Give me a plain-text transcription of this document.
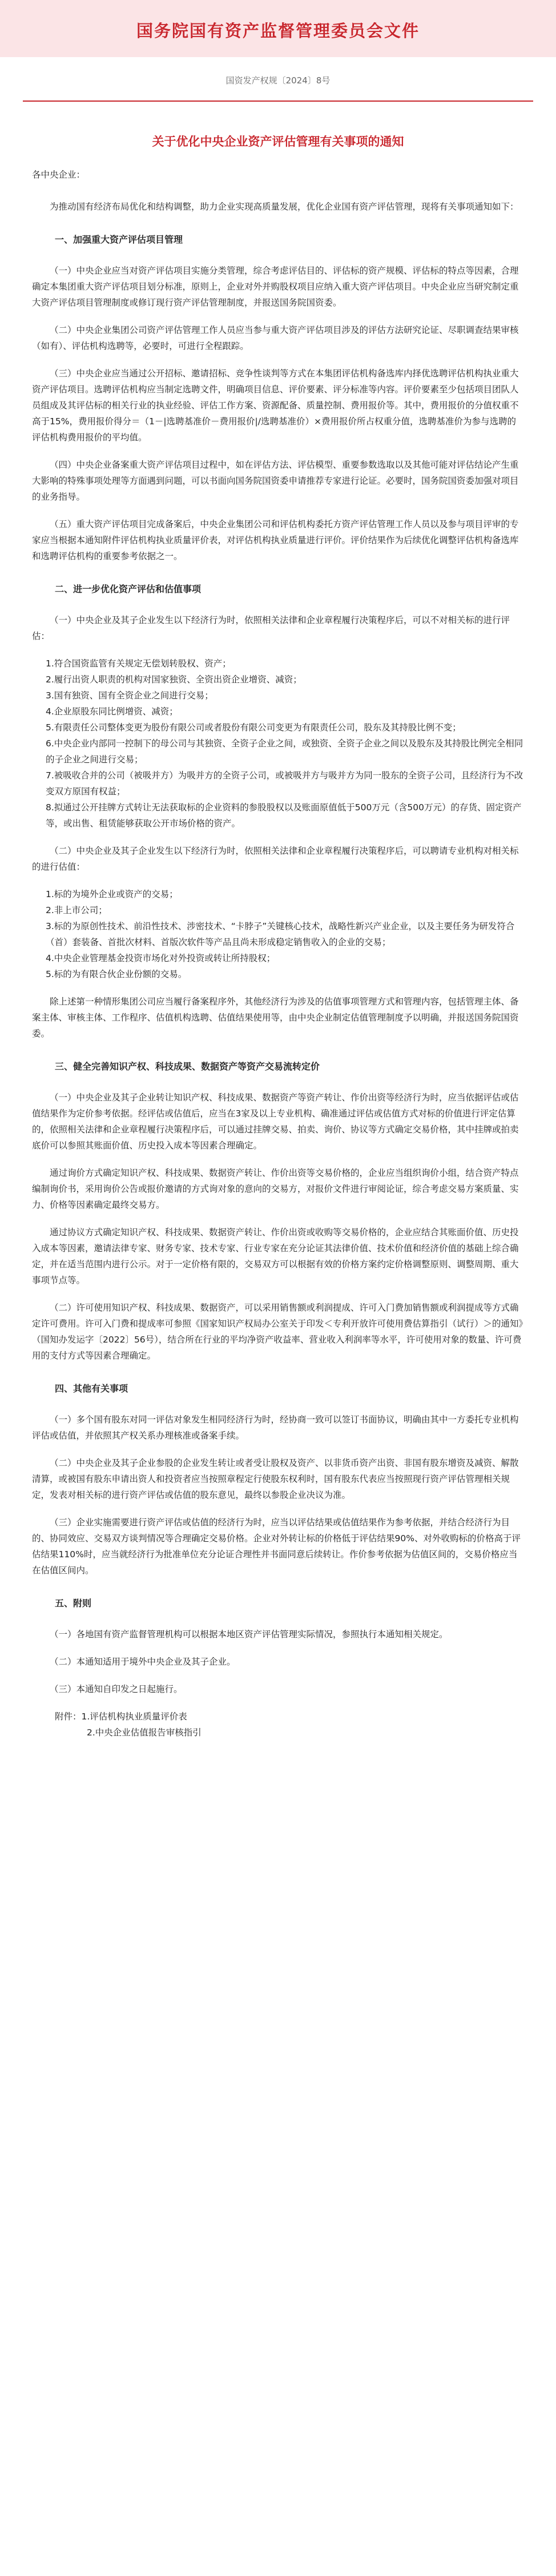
国务院国有资产监督管理委员会文件
国资发产权规〔2024〕8号
关于优化中央企业资产评估管理有关事项的通知

各中央企业：

为推动国有经济布局优化和结构调整，助力企业实现高质量发展，优化企业国有资产评估管理，现将有关事项通知如下：

一、加强重大资产评估项目管理

（一）中央企业应当对资产评估项目实施分类管理，综合考虑评估目的、评估标的资产规模、评估标的特点等因素，合理确定本集团重大资产评估项目划分标准，原则上，企业对外并购股权项目应纳入重大资产评估项目。中央企业应当研究制定重大资产评估项目管理制度或修订现行资产评估管理制度，并报送国务院国资委。

（二）中央企业集团公司资产评估管理工作人员应当参与重大资产评估项目涉及的评估方法研究论证、尽职调查结果审核（如有）、评估机构选聘等，必要时，可进行全程跟踪。

（三）中央企业应当通过公开招标、邀请招标、竞争性谈判等方式在本集团评估机构备选库内择优选聘评估机构执业重大资产评估项目。选聘评估机构应当制定选聘文件，明确项目信息、评价要素、评分标准等内容。评价要素至少包括项目团队人员组成及其评估标的相关行业的执业经验、评估工作方案、资源配备、质量控制、费用报价等。其中，费用报价的分值权重不高于15%，费用报价得分＝（1－|选聘基准价－费用报价|/选聘基准价）×费用报价所占权重分值，选聘基准价为参与选聘的评估机构费用报价的平均值。

（四）中央企业备案重大资产评估项目过程中，如在评估方法、评估模型、重要参数选取以及其他可能对评估结论产生重大影响的特殊事项处理等方面遇到问题，可以书面向国务院国资委申请推荐专家进行论证。必要时，国务院国资委加强对项目的业务指导。

（五）重大资产评估项目完成备案后，中央企业集团公司和评估机构委托方资产评估管理工作人员以及参与项目评审的专家应当根据本通知附件评估机构执业质量评价表，对评估机构执业质量进行评价。评价结果作为后续优化调整评估机构备选库和选聘评估机构的重要参考依据之一。

二、进一步优化资产评估和估值事项

（一）中央企业及其子企业发生以下经济行为时，依照相关法律和企业章程履行决策程序后，可以不对相关标的进行评估：

1.符合国资监管有关规定无偿划转股权、资产；
2.履行出资人职责的机构对国家独资、全资出资企业增资、减资；
3.国有独资、国有全资企业之间进行交易；
4.企业原股东同比例增资、减资；
5.有限责任公司整体变更为股份有限公司或者股份有限公司变更为有限责任公司，股东及其持股比例不变；
6.中央企业内部同一控制下的母公司与其独资、全资子企业之间，或独资、全资子企业之间以及股东及其持股比例完全相同的子企业之间进行交易；
7.被吸收合并的公司（被吸并方）为吸并方的全资子公司，或被吸并方与吸并方为同一股东的全资子公司，且经济行为不改变双方原国有权益；
8.拟通过公开挂牌方式转让无法获取标的企业资料的参股股权以及账面原值低于500万元（含500万元）的存货、固定资产等，或出售、租赁能够获取公开市场价格的资产。

（二）中央企业及其子企业发生以下经济行为时，依照相关法律和企业章程履行决策程序后，可以聘请专业机构对相关标的进行估值：

1.标的为境外企业或资产的交易；
2.非上市公司；
3.标的为原创性技术、前沿性技术、涉密技术、“卡脖子”关键核心技术，战略性新兴产业企业，以及主要任务为研发符合（首）套装备、首批次材料、首版次软件等产品且尚未形成稳定销售收入的企业的交易；
4.中央企业管理基金投资市场化对外投资或转让所持股权；
5.标的为有限合伙企业份额的交易。

除上述第一种情形集团公司应当履行备案程序外，其他经济行为涉及的估值事项管理方式和管理内容，包括管理主体、备案主体、审核主体、工作程序、估值机构选聘、估值结果使用等，由中央企业制定估值管理制度予以明确，并报送国务院国资委。

三、健全完善知识产权、科技成果、数据资产等资产交易流转定价

（一）中央企业及其子企业转让知识产权、科技成果、数据资产等资产转让、作价出资等经济行为时，应当依据评估或估值结果作为定价参考依据。经评估或估值后，应当在3家及以上专业机构、确准通过评估或估值方式对标的价值进行评定估算的，依照相关法律和企业章程履行决策程序后，可以通过挂牌交易、拍卖、询价、协议等方式确定交易价格，其中挂牌或拍卖底价可以参照其账面价值、历史投入成本等因素合理确定。

通过询价方式确定知识产权、科技成果、数据资产转让、作价出资等交易价格的，企业应当组织询价小组，结合资产特点编制询价书，采用询价公告或报价邀请的方式询对象的意向的交易方，对报价文件进行审阅论证，综合考虑交易方案质量、实力、价格等因素确定最终交易方。

通过协议方式确定知识产权、科技成果、数据资产转让、作价出资或收购等交易价格的，企业应结合其账面价值、历史投入成本等因素，邀请法律专家、财务专家、技术专家、行业专家在充分论证其法律价值、技术价值和经济价值的基础上综合确定，并在适当范围内进行公示。对于一定价格有限的，交易双方可以根据有效的价格方案约定价格调整原则、调整周期、重大事项节点等。

（二）许可使用知识产权、科技成果、数据资产，可以采用销售额或利润提成、许可入门费加销售额或利润提成等方式确定许可费用。许可入门费和提成率可参照《国家知识产权局办公室关于印发＜专利开放许可使用费估算指引（试行）＞的通知》（国知办发运字〔2022〕56号），结合所在行业的平均净资产收益率、营业收入利润率等水平，许可使用对象的数量、许可费用的支付方式等因素合理确定。

四、其他有关事项

（一）多个国有股东对同一评估对象发生相同经济行为时，经协商一致可以签订书面协议，明确由其中一方委托专业机构评估或估值，并依照其产权关系办理核准或备案手续。

（二）中央企业及其子企业参股的企业发生转让或者受让股权及资产、以非货币资产出资、非国有股东增资及减资、解散清算，或被国有股东申请出资人和投资者应当按照章程定行使股东权利时，国有股东代表应当按照现行资产评估管理相关规定，发表对相关标的进行资产评估或估值的股东意见，最终以参股企业决议为准。

（三）企业实施需要进行资产评估或估值的经济行为时，应当以评估结果或估值结果作为参考依据，并结合经济行为目的、协同效应、交易双方谈判情况等合理确定交易价格。企业对外转让标的价格低于评估结果90%、对外收购标的价格高于评估结果110%时，应当就经济行为批准单位充分论证合理性并书面同意后续转让。作价参考依据为估值区间的，交易价格应当在估值区间内。

五、附则

（一）各地国有资产监督管理机构可以根据本地区资产评估管理实际情况，参照执行本通知相关规定。

（二）本通知适用于境外中央企业及其子企业。

（三）本通知自印发之日起施行。

附件：1.评估机构执业质量评价表
2.中央企业估值报告审核指引
